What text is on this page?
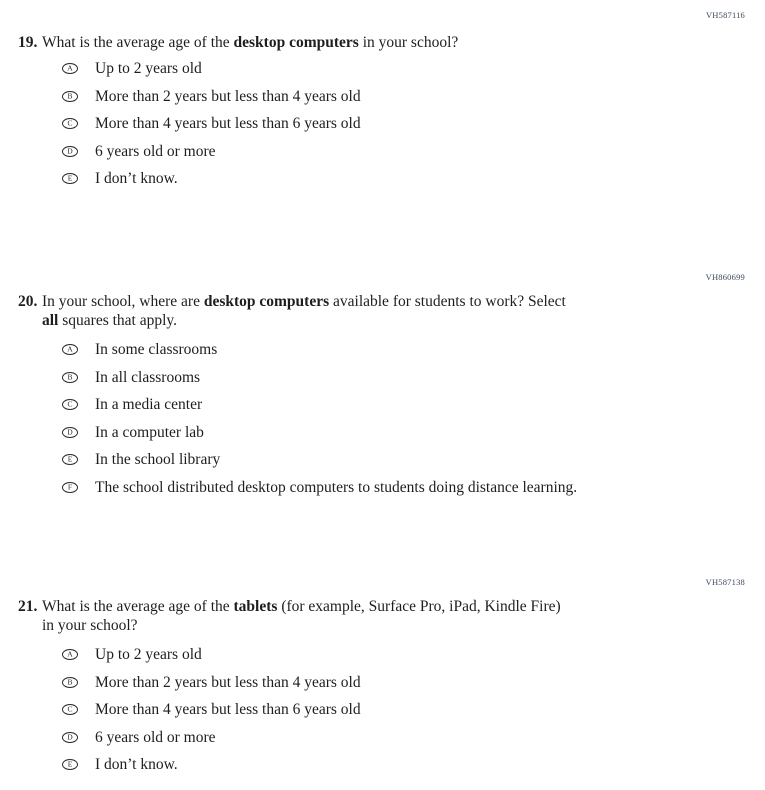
VH587116
19. What is the average age of the desktop computers in your school?
A Up to 2 years old
B More than 2 years but less than 4 years old
C More than 4 years but less than 6 years old
D 6 years old or more
E I don’t know.
VH860699
20. In your school, where are desktop computers available for students to work? Select
all squares that apply.
A In some classrooms
B In all classrooms
C In a media center
D In a computer lab
E In the school library
F The school distributed desktop computers to students doing distance learning.
VH587138
21. What is the average age of the tablets (for example, Surface Pro, iPad, Kindle Fire)
in your school?
A Up to 2 years old
B More than 2 years but less than 4 years old
C More than 4 years but less than 6 years old
D 6 years old or more
E I don’t know.
